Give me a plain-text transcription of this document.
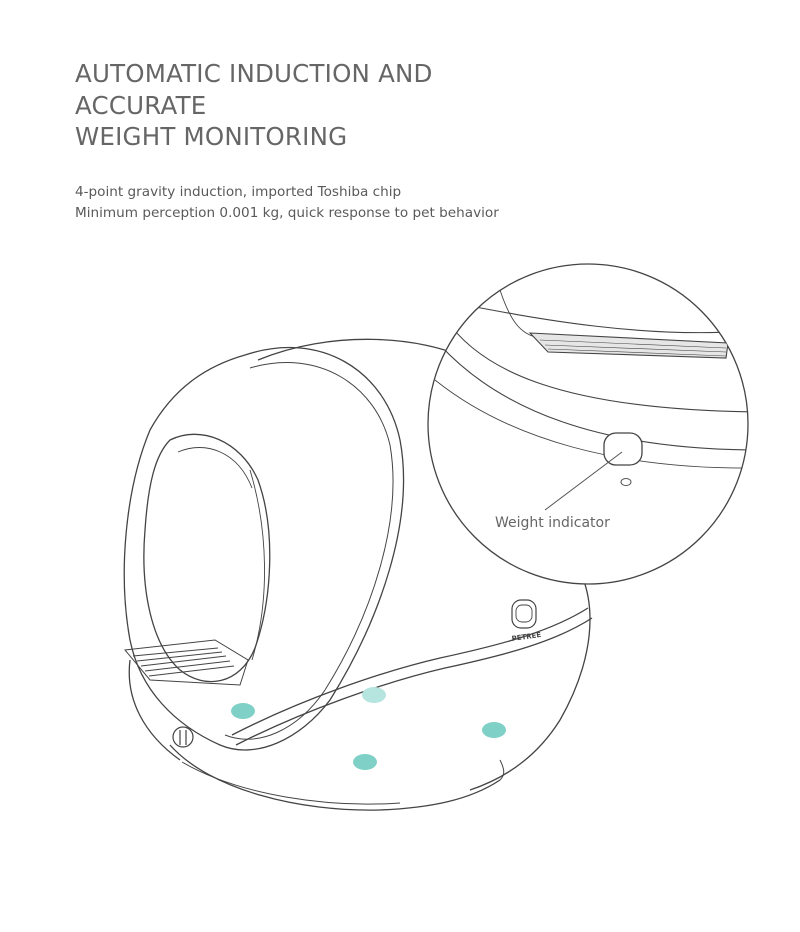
AUTOMATIC INDUCTION AND
ACCURATE
WEIGHT MONITORING

4-point gravity induction, imported Toshiba chip
Minimum perception 0.001 kg, quick response to pet behavior

PETREE
Weight indicator
